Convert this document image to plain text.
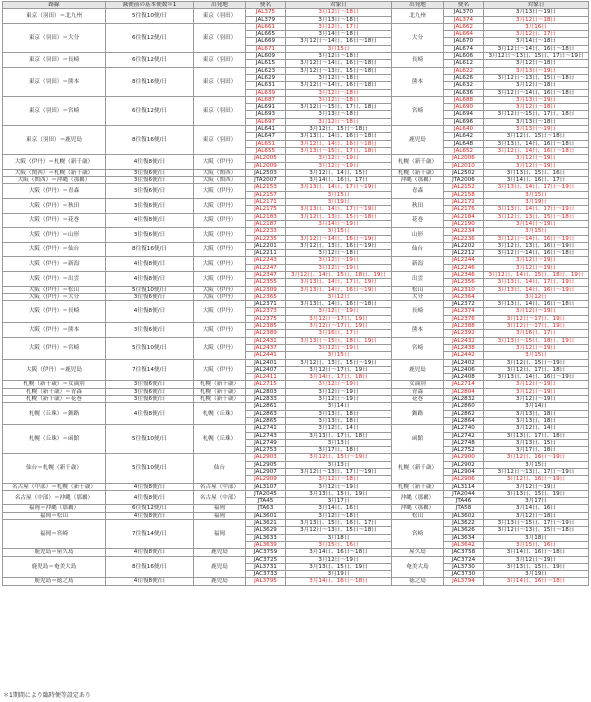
路線	減便前の基本便数＊1	出発地	便名	対象日	出発地	便名	対象日
東京（羽田）＝北九州	5往復10便/日	東京（羽田）	JAL375	3月12日～18日	北九州	JAL370	3月13日～19日
			JAL379	3月13日～18日		JAL374	3月12日～18日
東京（羽田）＝大分	6往復12便/日	東京（羽田）	JAL661	3月12日、17日	大分	JAL662	3月16日
			JAL665	3月14日～18日		JAL664	3月12日、17日
			JAL669	3月12日～14日、16日～18日		JAL670	3月14日～18日
			JAL671	3月15日		JAL674	3月12日～14日、16日～18日
東京（羽田）＝長崎	6往復12便/日	東京（羽田）	JAL609	3月12日～18日	長崎	JAL606	3月12日～13日、15日、17日～19日
			JAL615	3月12日～14日、16日～18日		JAL612	3月12日～18日
東京（羽田）＝熊本	8往復16便/日	東京（羽田）	JAL623	3月12日～13日、15日～18日	熊本	JAL622	3月13日～19日
			JAL629	3月12日～18日		JAL626	3月12日～13日、15日～18日
			JAL631	3月12日～14日、16日～18日		JAL632	3月12日～18日
			JAL639	3月12日～18日		JAL636	3月12日～14日、16日～18日
東京（羽田）＝宮崎	6往復12便/日	東京（羽田）	JAL687	3月12日～18日	宮崎	JAL688	3月13日～19日
			JAL691	3月12日～15日、17日、18日		JAL690	3月12日～18日
			JAL693	3月13日～18日		JAL694	3月12日～15日、17日、18日
			JAL697	3月12日～18日		JAL696	3月13日～18日
東京（羽田）＝鹿児島	8往復16便/日	東京（羽田）	JAL641	3月12日、15日～18日	鹿児島	JAL640	3月13日～19日
			JAL647	3月13日、14日、16日～18日		JAL642	3月12日、15日～18日
			JAL651	3月12日、14日、16日～18日		JAL648	3月13日、14日、16日～18日
			JAL655	3月13日～15日、17日、18日		JAL652	3月12日、14日、16日～18日
大阪（伊丹）＝札幌（新千歳）	4往復8便/日	大阪（伊丹）	JAL2005	3月12日～19日	札幌（新千歳）	JAL2006	3月12日～19日
			JAL2009	3月12日～19日		JAL2010	3月12日～19日
大阪（関西）＝札幌（新千歳）	3往復6便/日	大阪（関西）	JAL2503	3月12日、14日、15日	札幌（新千歳）	JAL2502	3月13日、15日、16日
大阪（関西）＝沖縄（那覇）	3往復6便/日	大阪（関西）	JTA2007	3月14日、16日、17日	沖縄（那覇）	JTA2006	3月14日、16日、17日
大阪（伊丹）＝青森	3往復6便/日	大阪（伊丹）	JAL2153	3月13日、14日、17日～19日	青森	JAL2152	3月13日、14日、17日～19日
			JAL2157	3月15日		JAL2158	3月15日
大阪（伊丹）＝秋田	3往復6便/日	大阪（伊丹）	JAL2171	3月19日	秋田	JAL2172	3月19日
			JAL2175	3月13日、14日、17日～19日		JAL2176	3月13日、14日、17日～19日
大阪（伊丹）＝花巻	4往復8便/日	大阪（伊丹）	JAL2183	3月12日、13日、15日～18日	花巻	JAL2184	3月12日、13日、15日～18日
			JAL2187	3月14日～19日		JAL2190	3月14日～19日
大阪（伊丹）＝山形	3往復6便/日	大阪（伊丹）	JAL2233	3月15日	山形	JAL2234	3月15日
			JAL2235	3月12日～14日、16日～19日		JAL2236	3月12日～14日、16日～19日
大阪（伊丹）＝仙台	8往復16便/日	大阪（伊丹）	JAL2201	3月12日、13日、16日～19日	仙台	JAL2202	3月12日、13日、16日～19日
			JAL2211	3月12日～18日		JAL2212	3月12日～14日、16日～18日
大阪（伊丹）＝新潟	4往復8便/日	大阪（伊丹）	JAL2243	3月12日～19日	新潟	JAL2244	3月12日～19日
			JAL2247	3月12日～19日		JAL2246	3月12日～19日
大阪（伊丹）＝出雲	4往復8便/日	大阪（伊丹）	JAL2347	3月12日、14日、15日、18日、19日	出雲	JAL2346	3月12日、14日、15日、18日、19日
			JAL2355	3月13日、14日、17日、19日		JAL2356	3月13日、14日、17日、19日
大阪（伊丹）＝松山	5往復10便/日	大阪（伊丹）	JAL2309	3月13日、14日、16日～19日	松山	JAL2310	3月13日、14日、16日～19日
大阪（伊丹）＝大分	3往復6便/日	大阪（伊丹）	JAL2365	3月12日	大分	JAL2364	3月12日
大阪（伊丹）＝長崎	4往復8便/日	大阪（伊丹）	JAL2371	3月13日、14日、16日～18日	長崎	JAL2372	3月13日、14日、16日～18日
			JAL2373	3月12日～19日		JAL2374	3月12日～19日
			JAL2375	3月12日～17日、19日		JAL2376	3月12日～17日、19日
大阪（伊丹）＝熊本	3往復6便/日	大阪（伊丹）	JAL2385	3月12日～17日、19日	熊本	JAL2388	3月12日～17日、19日
			JAL2389	3月16日、17日		JAL2392	3月16日、17日
大阪（伊丹）＝宮崎	5往復10便/日	大阪（伊丹）	JAL2431	3月13日～15日、18日、19日	宮崎	JAL2432	3月13日～15日、18日、19日
			JAL2437	3月12日～19日		JAL2438	3月12日～19日
			JAL2441	3月15日		JAL2442	3月15日
大阪（伊丹）＝鹿児島	7往復14便/日	大阪（伊丹）	JAL2401	3月12日、13日、15日～19日	鹿児島	JAL2402	3月12日、15日～19日
			JAL2407	3月12日～17日、19日		JAL2406	3月12日、17日、18日
			JAL2411	3月14日、17日、18日		JAL2408	3月13日、14日、16日～19日
札幌（新千歳）＝女満別	3往復6便/日	札幌（新千歳）	JAL2715	3月12日～19日	女満別	JAL2714	3月12日～19日
札幌（新千歳）＝青森	3往復6便/日	札幌（新千歳）	JAL2803	3月12日～19日	青森	JAL2804	3月12日～19日
札幌（新千歳）＝花巻	3往復6便/日	札幌（新千歳）	JAL2833	3月12日～19日	花巻	JAL2832	3月12日～19日
札幌（丘珠）＝釧路	4往復8便/日	札幌（丘珠）	JAL2861	3月14日	釧路	JAL2860	3月14日
			JAL2863	3月13日、18日		JAL2862	3月13日、18日
			JAL2865	3月13日、18日		JAL2864	3月13日、18日
札幌（丘珠）＝函館	5往復10便/日	札幌（丘珠）	JAL2741	3月12日、14日	函館	JAL2740	3月12日、14日
			JAL2743	3月13日、17日、18日		JAL2742	3月13日、17日、18日
			JAL2749	3月13日		JAL2748	3月13日、15日
			JAL2753	3月17日、18日		JAL2752	3月17日、18日
仙台＝札幌（新千歳）	5往復10便/日	仙台	JAL2903	3月12日、15日～19日	札幌（新千歳）	JAL2900	3月12日、16日～19日
			JAL2905	3月13日		JAL2902	3月15日
			JAL2907	3月12日～13日、17日～19日		JAL2904	3月12日～13日、17日～19日
			JAL2909	3月12日～18日		JAL2906	3月12日、16日～19日
名古屋（中部）＝札幌（新千歳）	4往復8便/日	名古屋（中部）	JAL3107	3月12日～19日	札幌（新千歳）	JAL3114	3月12日～19日
名古屋（中部）＝沖縄（那覇）	4往復8便/日	名古屋（中部）	JTA2045	3月13日、15日、19日	沖縄（那覇）	JTA2044	3月13日、15日、19日
			JTA45	3月17日		JTA46	3月17日
福岡＝沖縄（那覇）	6往復12便/日	福岡	JTA63	3月14日、16日	沖縄（那覇）	JTA58	3月14日、16日
福岡＝松山	4往復8便/日	福岡	JAL3601	3月12日～18日	松山	JAL3602	3月12日～18日
福岡＝宮崎	7往復14便/日	福岡	JAL3621	3月13日、15日、16日、17日	宮崎	JAL3622	3月13日～15日、17日～19日
			JAL3629	3月12日～13日、15日～18日		JAL3626	3月12日～13日、15日～18日
			JAL3633	3月18日		JAL3634	3月18日
			JAL3639	3月15日、16日		JAL3642	3月15日、16日
鹿児島＝屋久島	4往復8便/日	鹿児島	JAC3759	3月14日、16日～18日	屋久島	JAC3758	3月14日、16日～18日
鹿児島＝奄美大島	8往復16便/日	鹿児島	JAC3725	3月12日～19日	奄美大島	JAC3724	3月12日～19日
			JAL3731	3月13日、15日、19日		JAL3730	3月13日、15日、19日
			JAC3733	3月19日		JAC3730	3月19日
鹿児島＝徳之島	4往復8便/日	鹿児島	JAL3795	3月14日、16日～18日	徳之島	JAL3794	3月14日、16日～18日
＊1期間により臨時便等設定あり
